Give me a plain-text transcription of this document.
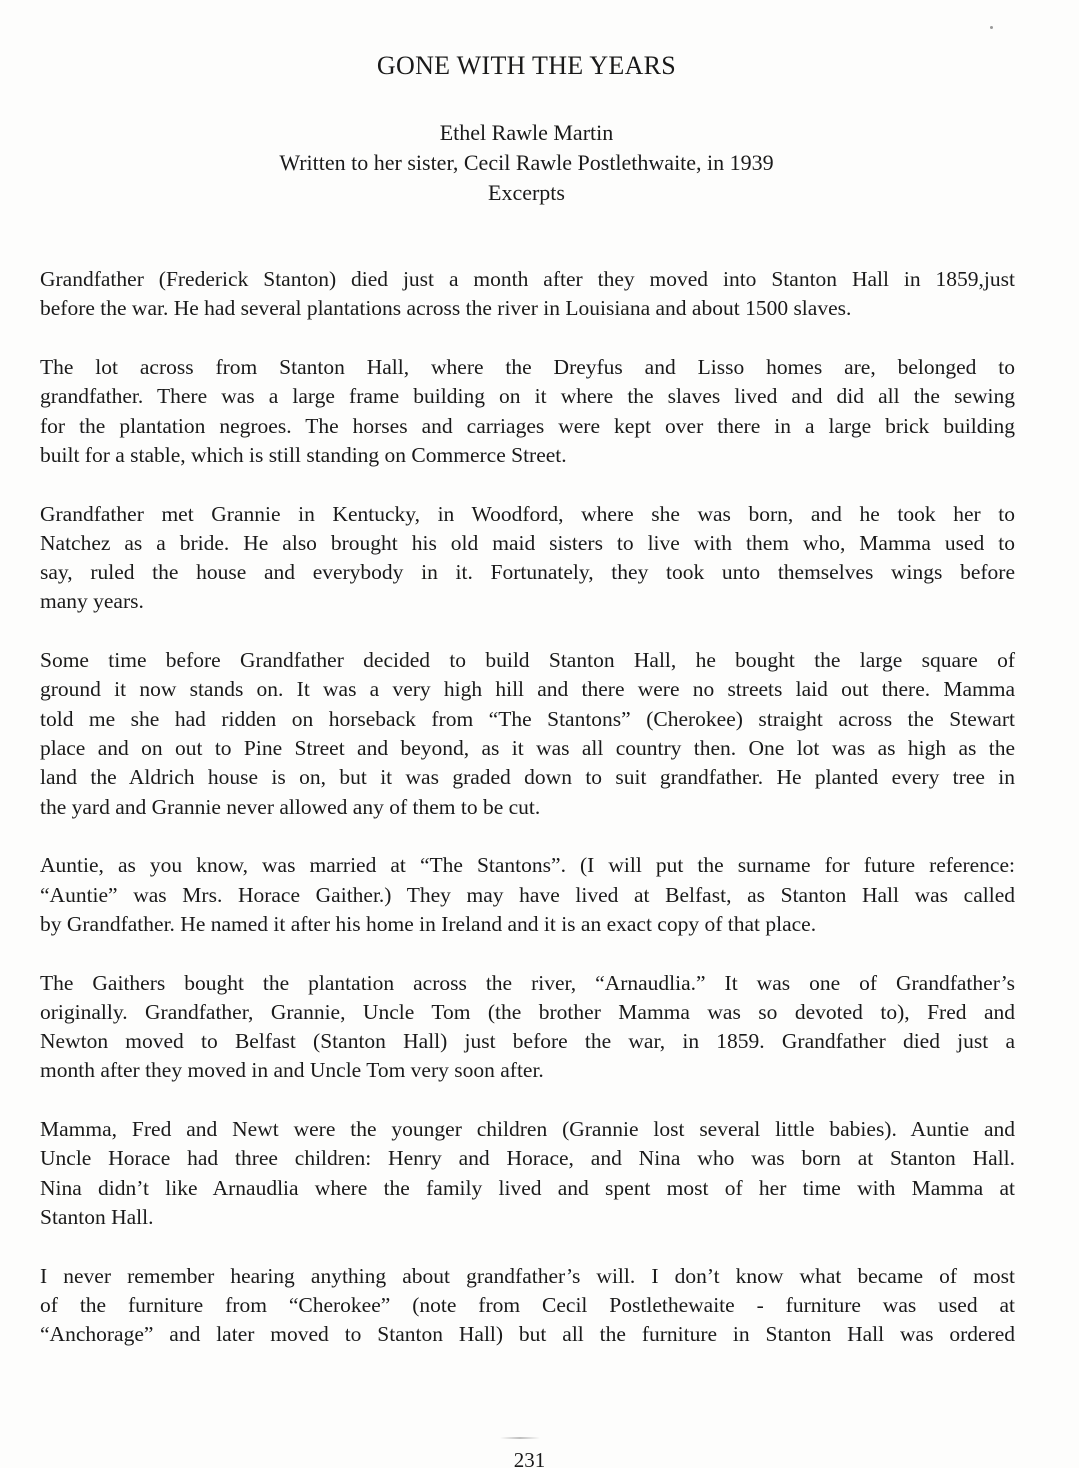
GONE WITH THE YEARS
Ethel Rawle Martin
Written to her sister, Cecil Rawle Postlethwaite, in 1939
Excerpts
Grandfather (Frederick Stanton) died just a month after they moved into Stanton Hall in 1859,just
before the war. He had several plantations across the river in Louisiana and about 1500 slaves.
The lot across from Stanton Hall, where the Dreyfus and Lisso homes are, belonged to
grandfather. There was a large frame building on it where the slaves lived and did all the sewing
for the plantation negroes. The horses and carriages were kept over there in a large brick building
built for a stable, which is still standing on Commerce Street.
Grandfather met Grannie in Kentucky, in Woodford, where she was born, and he took her to
Natchez as a bride. He also brought his old maid sisters to live with them who, Mamma used to
say, ruled the house and everybody in it. Fortunately, they took unto themselves wings before
many years.
Some time before Grandfather decided to build Stanton Hall, he bought the large square of
ground it now stands on. It was a very high hill and there were no streets laid out there. Mamma
told me she had ridden on horseback from “The Stantons” (Cherokee) straight across the Stewart
place and on out to Pine Street and beyond, as it was all country then. One lot was as high as the
land the Aldrich house is on, but it was graded down to suit grandfather. He planted every tree in
the yard and Grannie never allowed any of them to be cut.
Auntie, as you know, was married at “The Stantons”. (I will put the surname for future reference:
“Auntie” was Mrs. Horace Gaither.) They may have lived at Belfast, as Stanton Hall was called
by Grandfather. He named it after his home in Ireland and it is an exact copy of that place.
The Gaithers bought the plantation across the river, “Arnaudlia.” It was one of Grandfather’s
originally. Grandfather, Grannie, Uncle Tom (the brother Mamma was so devoted to), Fred and
Newton moved to Belfast (Stanton Hall) just before the war, in 1859. Grandfather died just a
month after they moved in and Uncle Tom very soon after.
Mamma, Fred and Newt were the younger children (Grannie lost several little babies). Auntie and
Uncle Horace had three children: Henry and Horace, and Nina who was born at Stanton Hall.
Nina didn’t like Arnaudlia where the family lived and spent most of her time with Mamma at
Stanton Hall.
I never remember hearing anything about grandfather’s will. I don’t know what became of most
of the furniture from “Cherokee” (note from Cecil Postlethewaite - furniture was used at
“Anchorage” and later moved to Stanton Hall) but all the furniture in Stanton Hall was ordered
231
